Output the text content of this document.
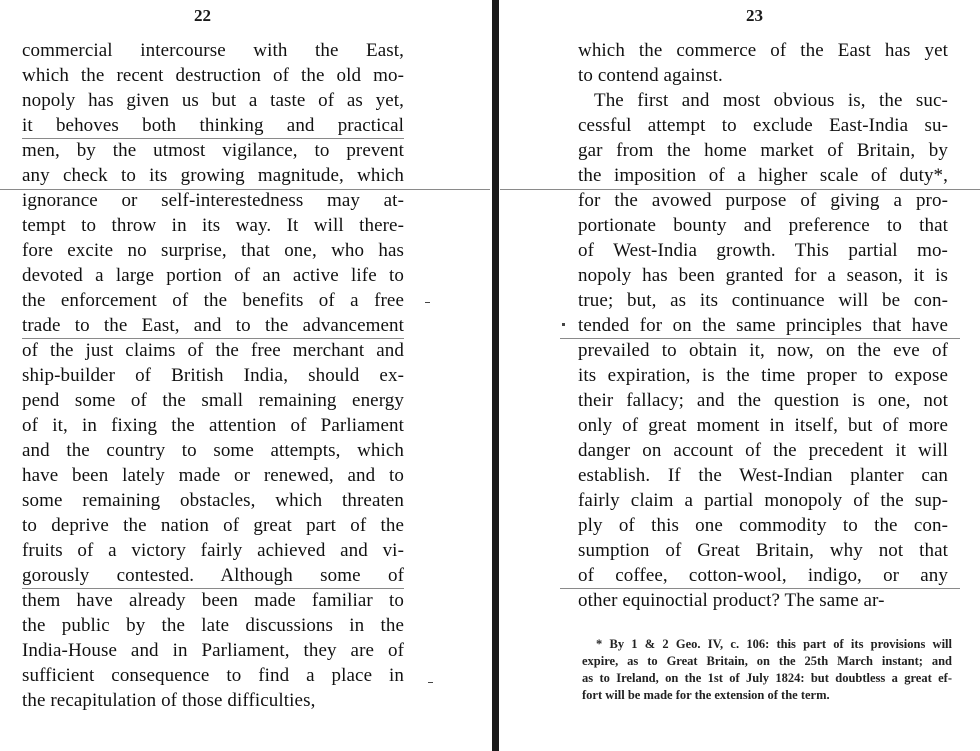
22
commercial intercourse with the East,
which the recent destruction of the old mo-
nopoly has given us but a taste of as yet,
it behoves both thinking and practical
men, by the utmost vigilance, to prevent
any check to its growing magnitude, which
ignorance or self-interestedness may at-
tempt to throw in its way. It will there-
fore excite no surprise, that one, who has
devoted a large portion of an active life to
the enforcement of the benefits of a free
trade to the East, and to the advancement
of the just claims of the free merchant and
ship-builder of British India, should ex-
pend some of the small remaining energy
of it, in fixing the attention of Parliament
and the country to some attempts, which
have been lately made or renewed, and to
some remaining obstacles, which threaten
to deprive the nation of great part of the
fruits of a victory fairly achieved and vi-
gorously contested. Although some of
them have already been made familiar to
the public by the late discussions in the
India-House and in Parliament, they are of
sufficient consequence to find a place in
the recapitulation of those difficulties,
23
which the commerce of the East has yet
to contend against.
The first and most obvious is, the suc-
cessful attempt to exclude East-India su-
gar from the home market of Britain, by
the imposition of a higher scale of duty*,
for the avowed purpose of giving a pro-
portionate bounty and preference to that
of West-India growth. This partial mo-
nopoly has been granted for a season, it is
true; but, as its continuance will be con-
tended for on the same principles that have
prevailed to obtain it, now, on the eve of
its expiration, is the time proper to expose
their fallacy; and the question is one, not
only of great moment in itself, but of more
danger on account of the precedent it will
establish. If the West-Indian planter can
fairly claim a partial monopoly of the sup-
ply of this one commodity to the con-
sumption of Great Britain, why not that
of coffee, cotton-wool, indigo, or any
other equinoctial product? The same ar-
* By 1 & 2 Geo. IV, c. 106: this part of its provisions will
expire, as to Great Britain, on the 25th March instant; and
as to Ireland, on the 1st of July 1824: but doubtless a great ef-
fort will be made for the extension of the term.
